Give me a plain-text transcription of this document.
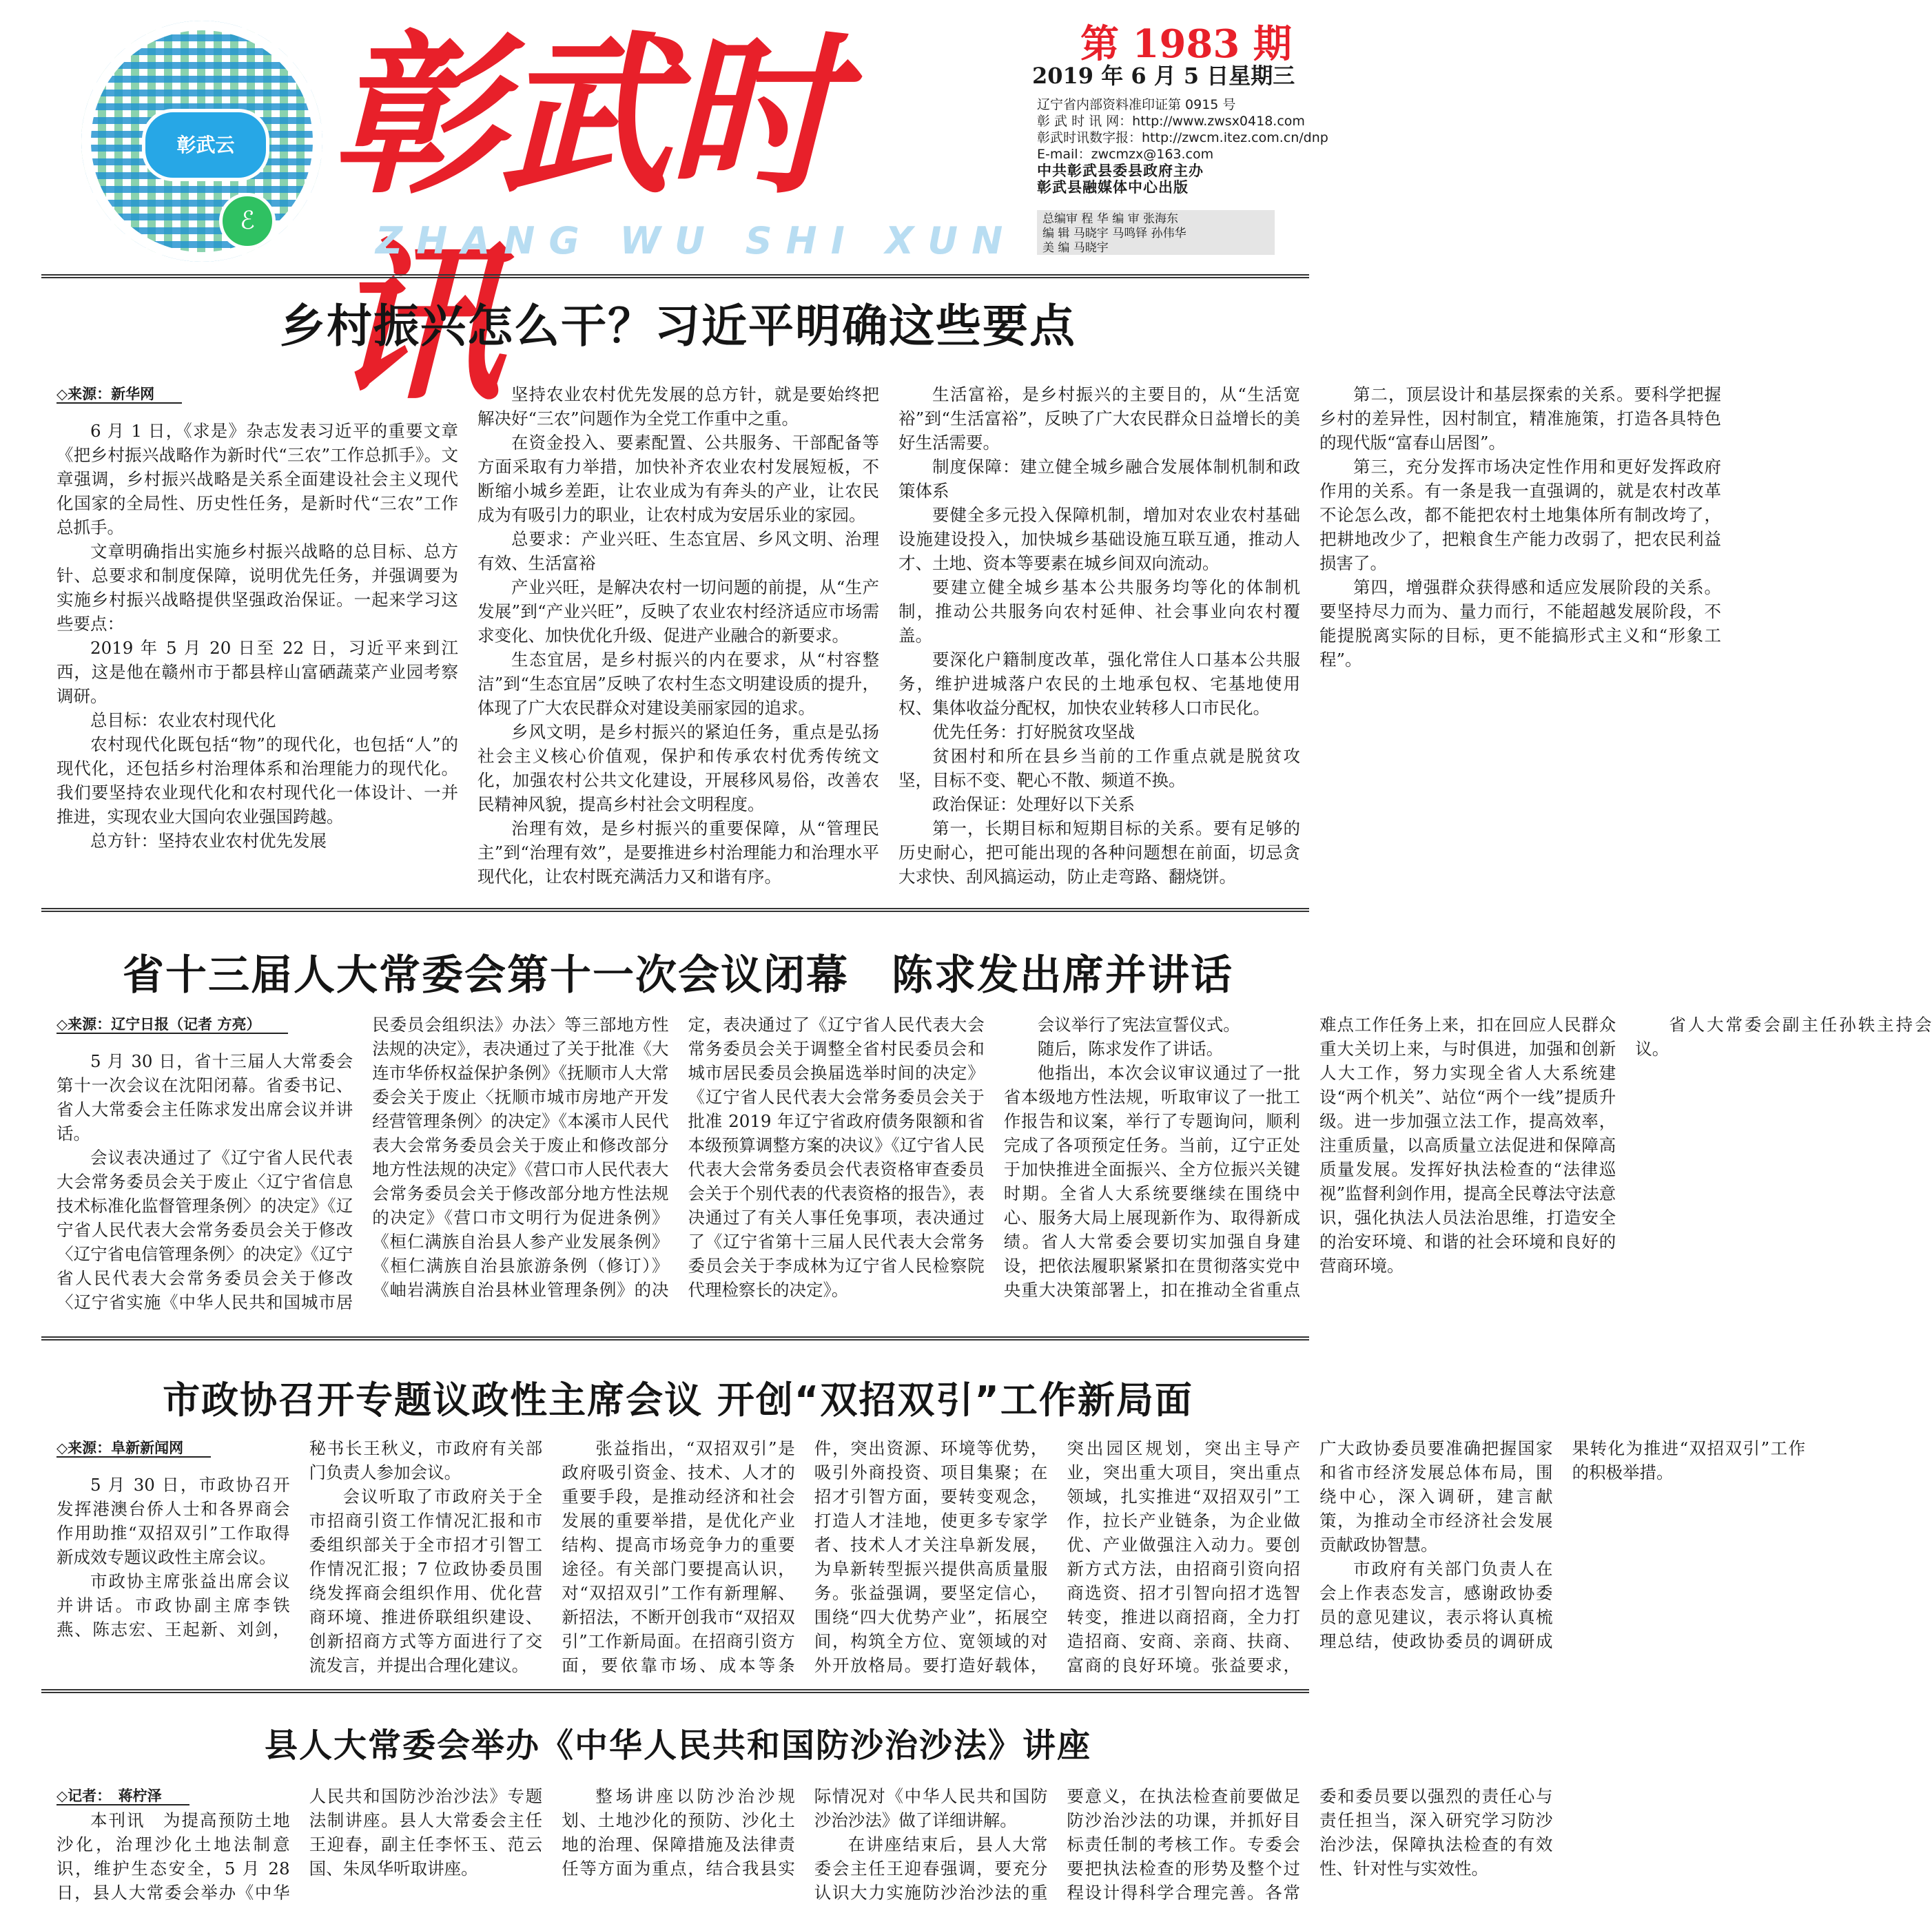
彰武云
ℰ
彰武时讯
ZHANG WU SHI XUN
第 1983 期
2019 年 6 月 5 日星期三
辽宁省内部资料准印证第 0915 号
彰 武 时 讯 网：http://www.zwsx0418.com
彰武时讯数字报：http://zwcm.itez.com.cn/dnp
E-mail：zwcmzx@163.com
中共彰武县委县政府主办
彰武县融媒体中心出版
总编审 程 华 编 审 张海东
编 辑 马晓宇 马鸣铎 孙伟华
美 编 马晓宇
乡村振兴怎么干？习近平明确这些要点

◇来源：新华网

6 月 1 日，《求是》杂志发表习近平的重要文章《把乡村振兴战略作为新时代“三农”工作总抓手》。文章强调，乡村振兴战略是关系全面建设社会主义现代化国家的全局性、历史性任务，是新时代“三农”工作总抓手。

文章明确指出实施乡村振兴战略的总目标、总方针、总要求和制度保障，说明优先任务，并强调要为实施乡村振兴战略提供坚强政治保证。一起来学习这些要点：

2019 年 5 月 20 日至 22 日，习近平来到江西，这是他在赣州市于都县梓山富硒蔬菜产业园考察调研。

总目标：农业农村现代化

农村现代化既包括“物”的现代化，也包括“人”的现代化，还包括乡村治理体系和治理能力的现代化。我们要坚持农业现代化和农村现代化一体设计、一并推进，实现农业大国向农业强国跨越。

总方针：坚持农业农村优先发展

坚持农业农村优先发展的总方针，就是要始终把解决好“三农”问题作为全党工作重中之重。

在资金投入、要素配置、公共服务、干部配备等方面采取有力举措，加快补齐农业农村发展短板，不断缩小城乡差距，让农业成为有奔头的产业，让农民成为有吸引力的职业，让农村成为安居乐业的家园。

总要求：产业兴旺、生态宜居、乡风文明、治理有效、生活富裕

产业兴旺，是解决农村一切问题的前提，从“生产发展”到“产业兴旺”，反映了农业农村经济适应市场需求变化、加快优化升级、促进产业融合的新要求。

生态宜居，是乡村振兴的内在要求，从“村容整洁”到“生态宜居”反映了农村生态文明建设质的提升，体现了广大农民群众对建设美丽家园的追求。

乡风文明，是乡村振兴的紧迫任务，重点是弘扬社会主义核心价值观，保护和传承农村优秀传统文化，加强农村公共文化建设，开展移风易俗，改善农民精神风貌，提高乡村社会文明程度。

治理有效，是乡村振兴的重要保障，从“管理民主”到“治理有效”，是要推进乡村治理能力和治理水平现代化，让农村既充满活力又和谐有序。

生活富裕，是乡村振兴的主要目的，从“生活宽裕”到“生活富裕”，反映了广大农民群众日益增长的美好生活需要。

制度保障：建立健全城乡融合发展体制机制和政策体系

要健全多元投入保障机制，增加对农业农村基础设施建设投入，加快城乡基础设施互联互通，推动人才、土地、资本等要素在城乡间双向流动。

要建立健全城乡基本公共服务均等化的体制机制，推动公共服务向农村延伸、社会事业向农村覆盖。

要深化户籍制度改革，强化常住人口基本公共服务，维护进城落户农民的土地承包权、宅基地使用权、集体收益分配权，加快农业转移人口市民化。

优先任务：打好脱贫攻坚战

贫困村和所在县乡当前的工作重点就是脱贫攻坚，目标不变、靶心不散、频道不换。

政治保证：处理好以下关系

第一，长期目标和短期目标的关系。要有足够的历史耐心，把可能出现的各种问题想在前面，切忌贪大求快、刮风搞运动，防止走弯路、翻烧饼。

第二，顶层设计和基层探索的关系。要科学把握乡村的差异性，因村制宜，精准施策，打造各具特色的现代版“富春山居图”。

第三，充分发挥市场决定性作用和更好发挥政府作用的关系。有一条是我一直强调的，就是农村改革不论怎么改，都不能把农村土地集体所有制改垮了，把耕地改少了，把粮食生产能力改弱了，把农民利益损害了。

第四，增强群众获得感和适应发展阶段的关系。要坚持尽力而为、量力而行，不能超越发展阶段，不能提脱离实际的目标，更不能搞形式主义和“形象工程”。

省十三届人大常委会第十一次会议闭幕　陈求发出席并讲话

◇来源：辽宁日报（记者 方亮）

5 月 30 日，省十三届人大常委会第十一次会议在沈阳闭幕。省委书记、省人大常委会主任陈求发出席会议并讲话。

会议表决通过了《辽宁省人民代表大会常务委员会关于废止〈辽宁省信息技术标准化监督管理条例〉的决定》《辽宁省人民代表大会常务委员会关于修改〈辽宁省电信管理条例〉的决定》《辽宁省人民代表大会常务委员会关于修改〈辽宁省实施《中华人民共和国城市居民委员会组织法》办法〉等三部地方性法规的决定》，表决通过了关于批准《大连市华侨权益保护条例》《抚顺市人大常委会关于废止〈抚顺市城市房地产开发经营管理条例〉的决定》《本溪市人民代表大会常务委员会关于废止和修改部分地方性法规的决定》《营口市人民代表大会常务委员会关于修改部分地方性法规的决定》《营口市文明行为促进条例》《桓仁满族自治县人参产业发展条例》《桓仁满族自治县旅游条例（修订）》《岫岩满族自治县林业管理条例》的决定，表决通过了《辽宁省人民代表大会常务委员会关于调整全省村民委员会和城市居民委员会换届选举时间的决定》《辽宁省人民代表大会常务委员会关于批准 2019 年辽宁省政府债务限额和省本级预算调整方案的决议》《辽宁省人民代表大会常务委员会代表资格审查委员会关于个别代表的代表资格的报告》，表决通过了有关人事任免事项，表决通过了《辽宁省第十三届人民代表大会常务委员会关于李成林为辽宁省人民检察院代理检察长的决定》。

会议举行了宪法宣誓仪式。

随后，陈求发作了讲话。

他指出，本次会议审议通过了一批省本级地方性法规，听取审议了一批工作报告和议案，举行了专题询问，顺利完成了各项预定任务。当前，辽宁正处于加快推进全面振兴、全方位振兴关键时期。全省人大系统要继续在围绕中心、服务大局上展现新作为、取得新成绩。省人大常委会要切实加强自身建设，把依法履职紧紧扣在贯彻落实党中央重大决策部署上，扣在推动全省重点难点工作任务上来，扣在回应人民群众重大关切上来，与时俱进，加强和创新人大工作，努力实现全省人大系统建设“两个机关”、站位“两个一线”提质升级。进一步加强立法工作，提高效率，注重质量，以高质量立法促进和保障高质量发展。发挥好执法检查的“法律巡视”监督利剑作用，提高全民尊法守法意识，强化执法人员法治思维，打造安全的治安环境、和谐的社会环境和良好的营商环境。

省人大常委会副主任孙轶主持会议。

市政协召开专题议政性主席会议 开创“双招双引”工作新局面

◇来源：阜新新闻网

5 月 30 日，市政协召开发挥港澳台侨人士和各界商会作用助推“双招双引”工作取得新成效专题议政性主席会议。

市政协主席张益出席会议并讲话。市政协副主席李铁燕、陈志宏、王起新、刘剑，秘书长王秋义，市政府有关部门负责人参加会议。

会议听取了市政府关于全市招商引资工作情况汇报和市委组织部关于全市招才引智工作情况汇报；7 位政协委员围绕发挥商会组织作用、优化营商环境、推进侨联组织建设、创新招商方式等方面进行了交流发言，并提出合理化建议。

张益指出，“双招双引”是政府吸引资金、技术、人才的重要手段，是推动经济和社会发展的重要举措，是优化产业结构、提高市场竞争力的重要途径。有关部门要提高认识，对“双招双引”工作有新理解、新招法，不断开创我市“双招双引”工作新局面。在招商引资方面，要依靠市场、成本等条件，突出资源、环境等优势，吸引外商投资、项目集聚；在招才引智方面，要转变观念，打造人才洼地，使更多专家学者、技术人才关注阜新发展，为阜新转型振兴提供高质量服务。张益强调，要坚定信心，围绕“四大优势产业”，拓展空间，构筑全方位、宽领域的对外开放格局。要打造好载体，突出园区规划，突出主导产业，突出重大项目，突出重点领域，扎实推进“双招双引”工作，拉长产业链条，为企业做优、产业做强注入动力。要创新方式方法，由招商引资向招商选资、招才引智向招才选智转变，推进以商招商，全力打造招商、安商、亲商、扶商、富商的良好环境。张益要求，广大政协委员要准确把握国家和省市经济发展总体布局，围绕中心，深入调研，建言献策，为推动全市经济社会发展贡献政协智慧。

市政府有关部门负责人在会上作表态发言，感谢政协委员的意见建议，表示将认真梳理总结，使政协委员的调研成果转化为推进“双招双引”工作的积极举措。

县人大常委会举办《中华人民共和国防沙治沙法》讲座

◇记者：　蒋柠泽

本刊讯　为提高预防土地沙化，治理沙化土地法制意识，维护生态安全，5 月 28 日，县人大常委会举办《中华人民共和国防沙治沙法》专题法制讲座。县人大常委会主任王迎春，副主任李怀玉、范云国、朱凤华听取讲座。

整场讲座以防沙治沙规划、土地沙化的预防、沙化土地的治理、保障措施及法律责任等方面为重点，结合我县实际情况对《中华人民共和国防沙治沙法》做了详细讲解。

在讲座结束后，县人大常委会主任王迎春强调，要充分认识大力实施防沙治沙法的重要意义，在执法检查前要做足防沙治沙法的功课，并抓好目标责任制的考核工作。专委会要把执法检查的形势及整个过程设计得科学合理完善。各常委和委员要以强烈的责任心与责任担当，深入研究学习防沙治沙法，保障执法检查的有效性、针对性与实效性。
